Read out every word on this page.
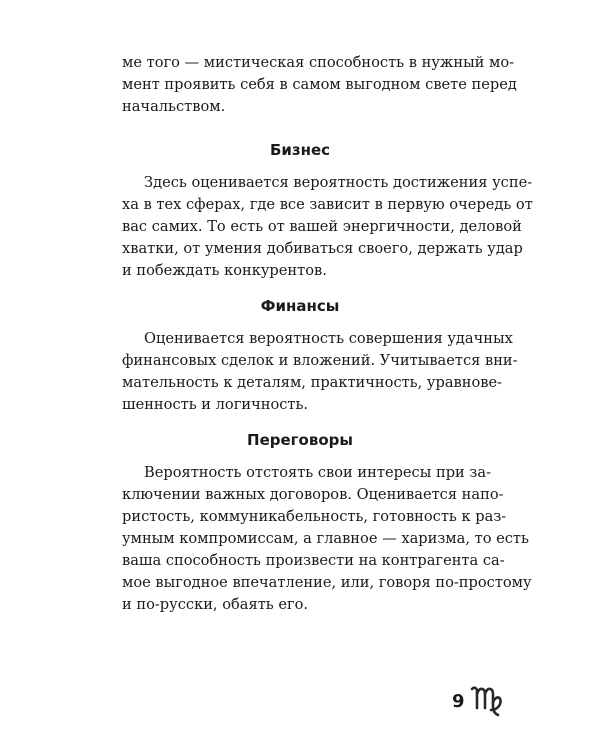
ме того — мистическая способность в нужный мо-
мент проявить себя в самом выгодном свете перед
начальством.
Бизнес
Здесь оценивается вероятность достижения успе-
ха в тех сферах, где все зависит в первую очередь от
вас самих. То есть от вашей энергичности, деловой
хватки, от умения добиваться своего, держать удар
и побеждать конкурентов.
Финансы
Оценивается вероятность совершения удачных
финансовых сделок и вложений. Учитывается вни-
мательность к деталям, практичность, уравнове-
шенность и логичность.
Переговоры
Вероятность отстоять свои интересы при за-
ключении важных договоров. Оценивается напо-
ристость, коммуникабельность, готовность к раз-
умным компромиссам, а главное — харизма, то есть
ваша способность произвести на контрагента са-
мое выгодное впечатление, или, говоря по-простому
и по-русски, обаять его.
9
